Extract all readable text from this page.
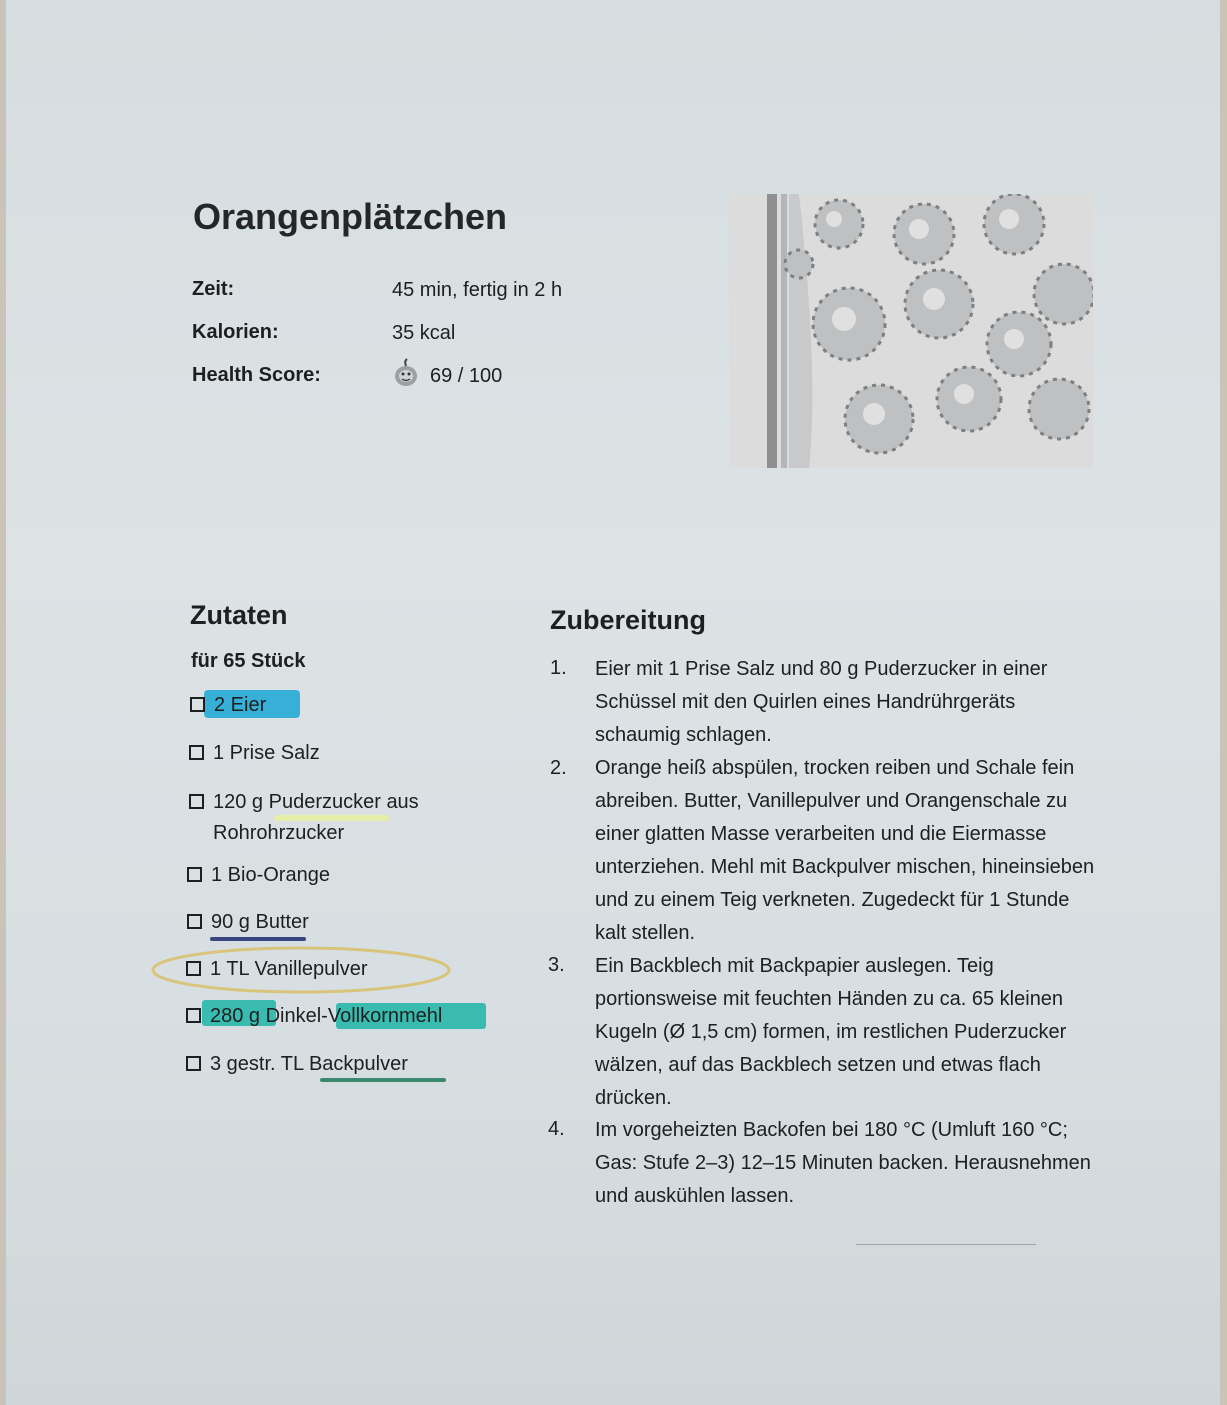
Orangenplätzchen
Zeit:	45 min, fertig in 2 h
Kalorien:	35 kcal
Health Score:	69 / 100
Zutaten
für 65 Stück
2 Eier
1 Prise Salz
120 g Puderzucker aus
Rohrohrzucker
1 Bio-Orange
90 g Butter
1 TL Vanillepulver
280 g Dinkel-Vollkornmehl
3 gestr. TL Backpulver
Zubereitung
1. Eier mit 1 Prise Salz und 80 g Puderzucker in einer Schüssel mit den Quirlen eines Handrührgeräts schaumig schlagen.
2. Orange heiß abspülen, trocken reiben und Schale fein abreiben. Butter, Vanillepulver und Orangenschale zu einer glatten Masse verarbeiten und die Eiermasse unterziehen. Mehl mit Backpulver mischen, hineinsieben und zu einem Teig verkneten. Zugedeckt für 1 Stunde kalt stellen.
3. Ein Backblech mit Backpapier auslegen. Teig portionsweise mit feuchten Händen zu ca. 65 kleinen Kugeln (Ø 1,5 cm) formen, im restlichen Puderzucker wälzen, auf das Backblech setzen und etwas flach drücken.
4. Im vorgeheizten Backofen bei 180 °C (Umluft 160 °C; Gas: Stufe 2–3) 12–15 Minuten backen. Herausnehmen und auskühlen lassen.
